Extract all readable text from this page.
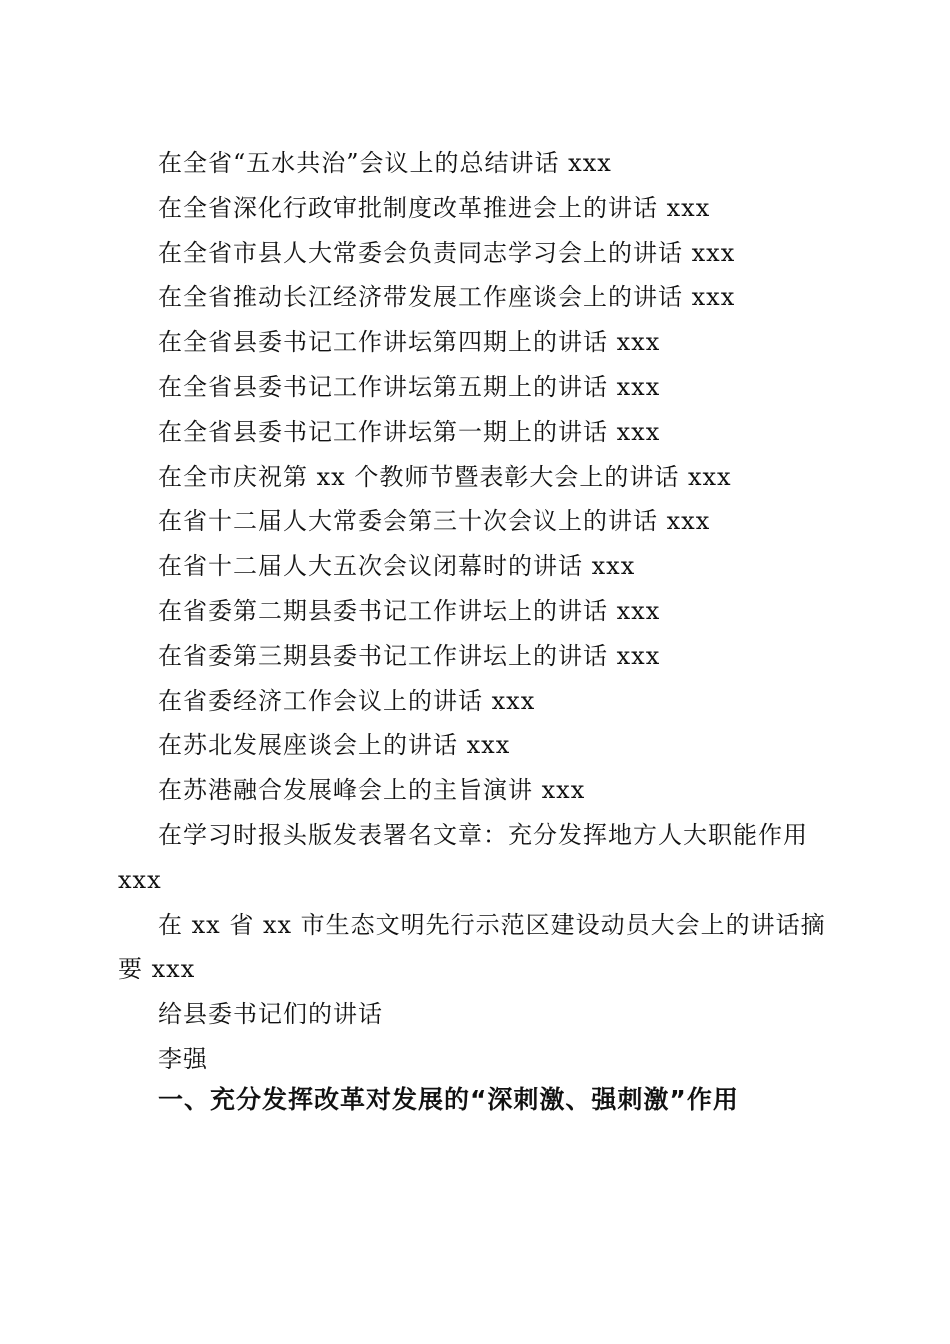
在全省“五水共治”会议上的总结讲话 xxx
在全省深化行政审批制度改革推进会上的讲话 xxx
在全省市县人大常委会负责同志学习会上的讲话 xxx
在全省推动长江经济带发展工作座谈会上的讲话 xxx
在全省县委书记工作讲坛第四期上的讲话 xxx
在全省县委书记工作讲坛第五期上的讲话 xxx
在全省县委书记工作讲坛第一期上的讲话 xxx
在全市庆祝第 xx 个教师节暨表彰大会上的讲话 xxx
在省十二届人大常委会第三十次会议上的讲话 xxx
在省十二届人大五次会议闭幕时的讲话 xxx
在省委第二期县委书记工作讲坛上的讲话 xxx
在省委第三期县委书记工作讲坛上的讲话 xxx
在省委经济工作会议上的讲话 xxx
在苏北发展座谈会上的讲话 xxx
在苏港融合发展峰会上的主旨演讲 xxx
在学习时报头版发表署名文章：充分发挥地方人大职能作用
xxx
在 xx 省 xx 市生态文明先行示范区建设动员大会上的讲话摘
要 xxx
给县委书记们的讲话
李强
一、充分发挥改革对发展的“深刺激、强刺激”作用
